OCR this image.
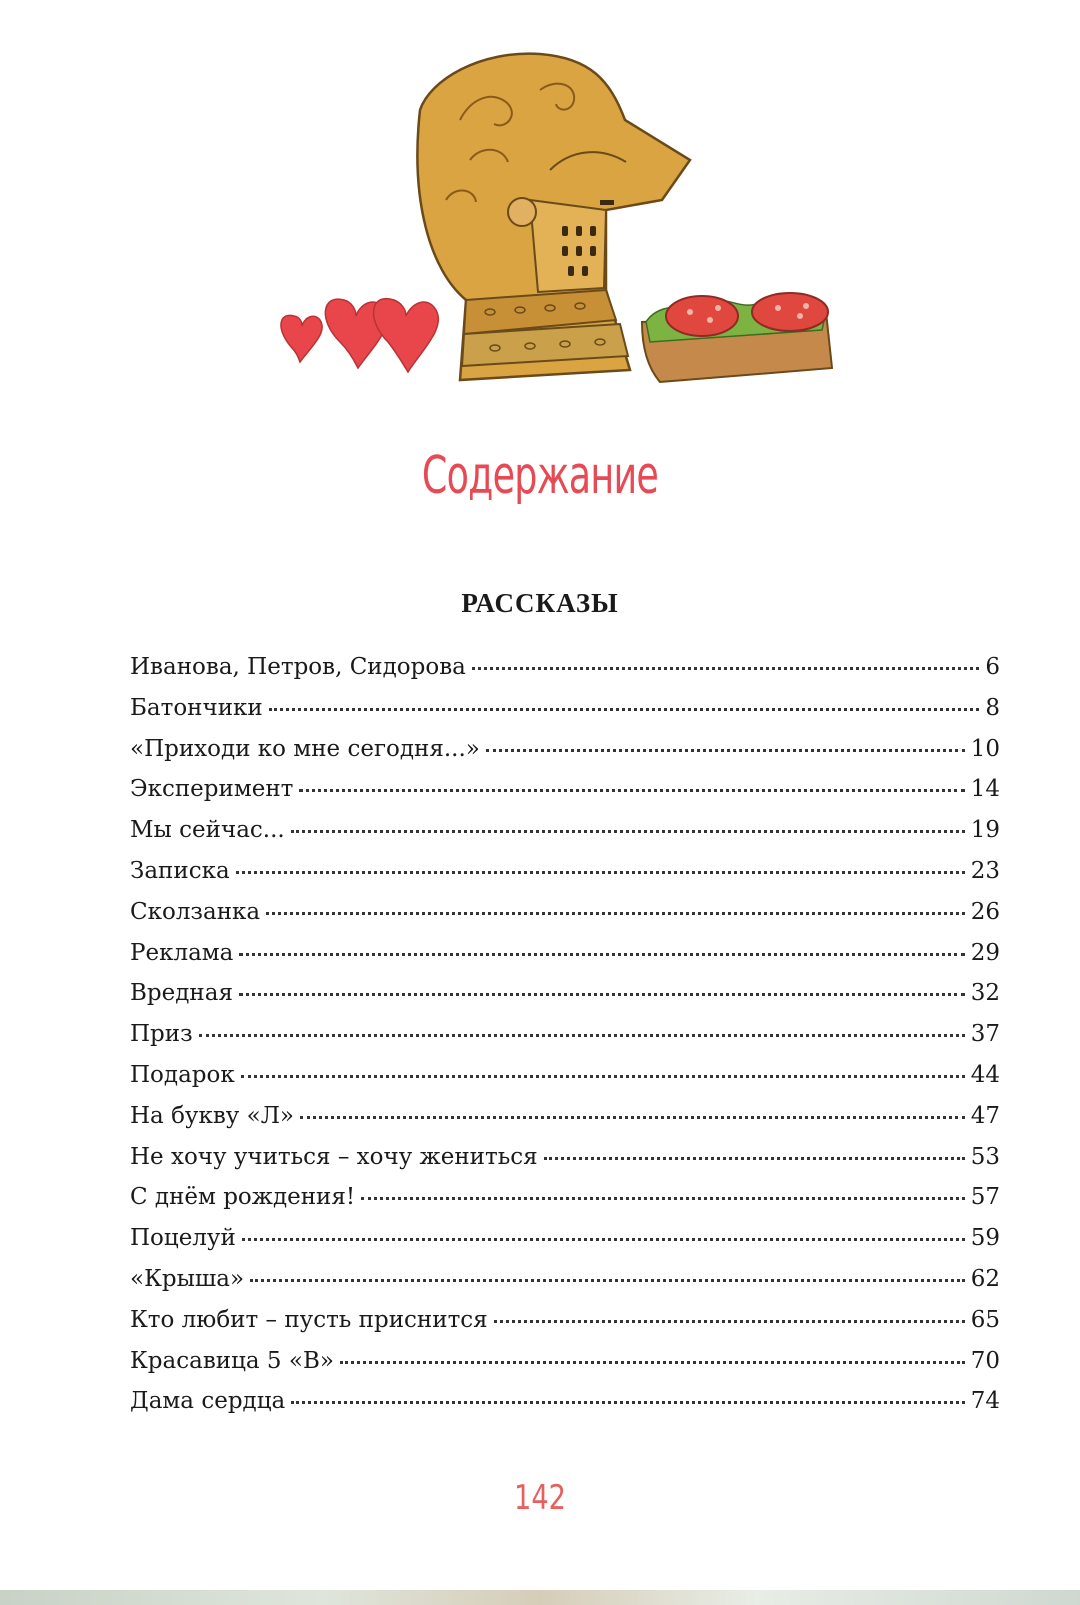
Содержание
РАССКАЗЫ
Иванова, Петров, Сидорова	6
Батончики	8
«Приходи ко мне сегодня...»	10
Эксперимент	14
Мы сейчас...	19
Записка	23
Сколзанка	26
Реклама	29
Вредная	32
Приз	37
Подарок	44
На букву «Л»	47
Не хочу учиться – хочу жениться	53
С днём рождения!	57
Поцелуй	59
«Крыша»	62
Кто любит – пусть приснится	65
Красавица 5 «В»	70
Дама сердца	74
142
